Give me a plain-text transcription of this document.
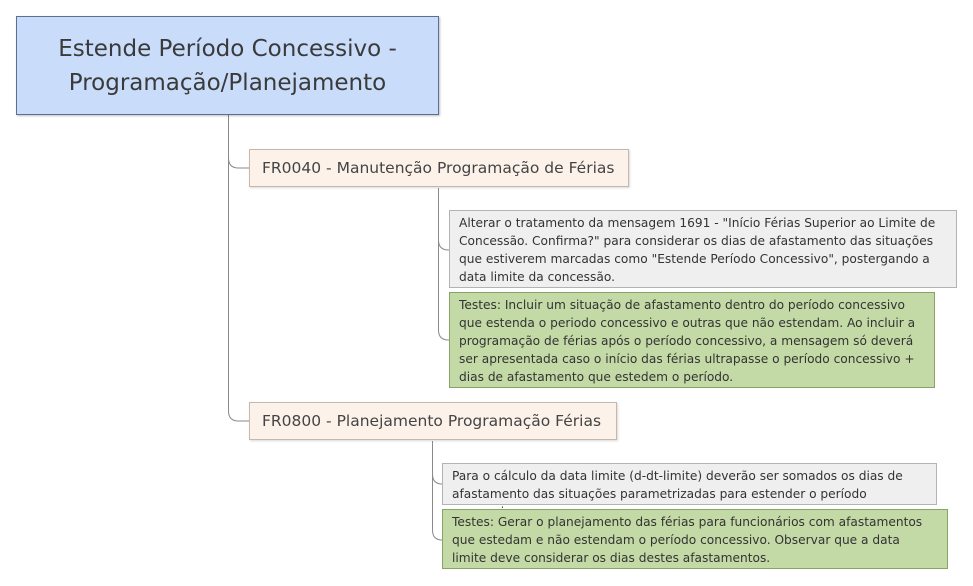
Estende Período Concessivo -
Programação/Planejamento
FR0040 - Manutenção Programação de Férias
Alterar o tratamento da mensagem 1691 - "Início Férias Superior ao Limite de Concessão. Confirma?" para considerar os dias de afastamento das situações que estiverem marcadas como "Estende Período Concessivo", postergando a data limite da concessão.
Testes: Incluir um situação de afastamento dentro do período concessivo que estenda o periodo concessivo e outras que não estendam. Ao incluir a programação de férias após o período concessivo, a mensagem só deverá ser apresentada caso o início das férias ultrapasse o período concessivo + dias de afastamento que estedem o período.
FR0800 - Planejamento Programação Férias
Para o cálculo da data limite (d-dt-limite) deverão ser somados os dias de afastamento das situações parametrizadas para estender o período
Testes: Gerar o planejamento das férias para funcionários com afastamentos que estedam e não estendam o período concessivo. Observar que a data limite deve considerar os dias destes afastamentos.
